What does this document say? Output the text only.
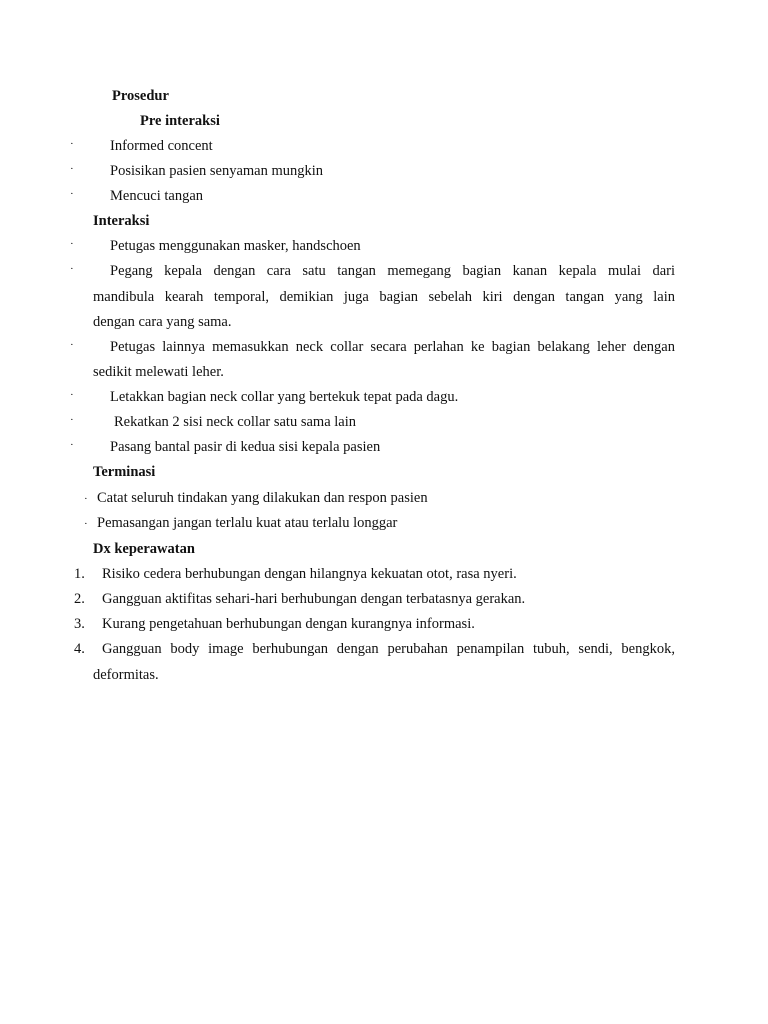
Prosedur
Pre interaksi
·	Informed concent
·	Posisikan pasien senyaman mungkin
·	Mencuci tangan
Interaksi
·	Petugas menggunakan masker, handschoen
·	Pegang kepala dengan cara satu tangan memegang bagian kanan kepala mulai dari
mandibula kearah temporal, demikian juga bagian sebelah kiri dengan tangan yang lain
dengan cara yang sama.
·	Petugas lainnya memasukkan neck collar secara perlahan ke bagian belakang leher dengan
sedikit melewati leher.
·	Letakkan bagian neck collar yang bertekuk tepat pada dagu.
·	Rekatkan 2 sisi neck collar satu sama lain
·	Pasang bantal pasir di kedua sisi kepala pasien
Terminasi
· Catat seluruh tindakan yang dilakukan dan respon pasien
· Pemasangan jangan terlalu kuat atau terlalu longgar
Dx keperawatan
1. Risiko cedera berhubungan dengan hilangnya kekuatan otot, rasa nyeri.
2. Gangguan aktifitas sehari-hari berhubungan dengan terbatasnya gerakan.
3. Kurang pengetahuan berhubungan dengan kurangnya informasi.
4. Gangguan body image berhubungan dengan perubahan penampilan tubuh, sendi, bengkok,
deformitas.
